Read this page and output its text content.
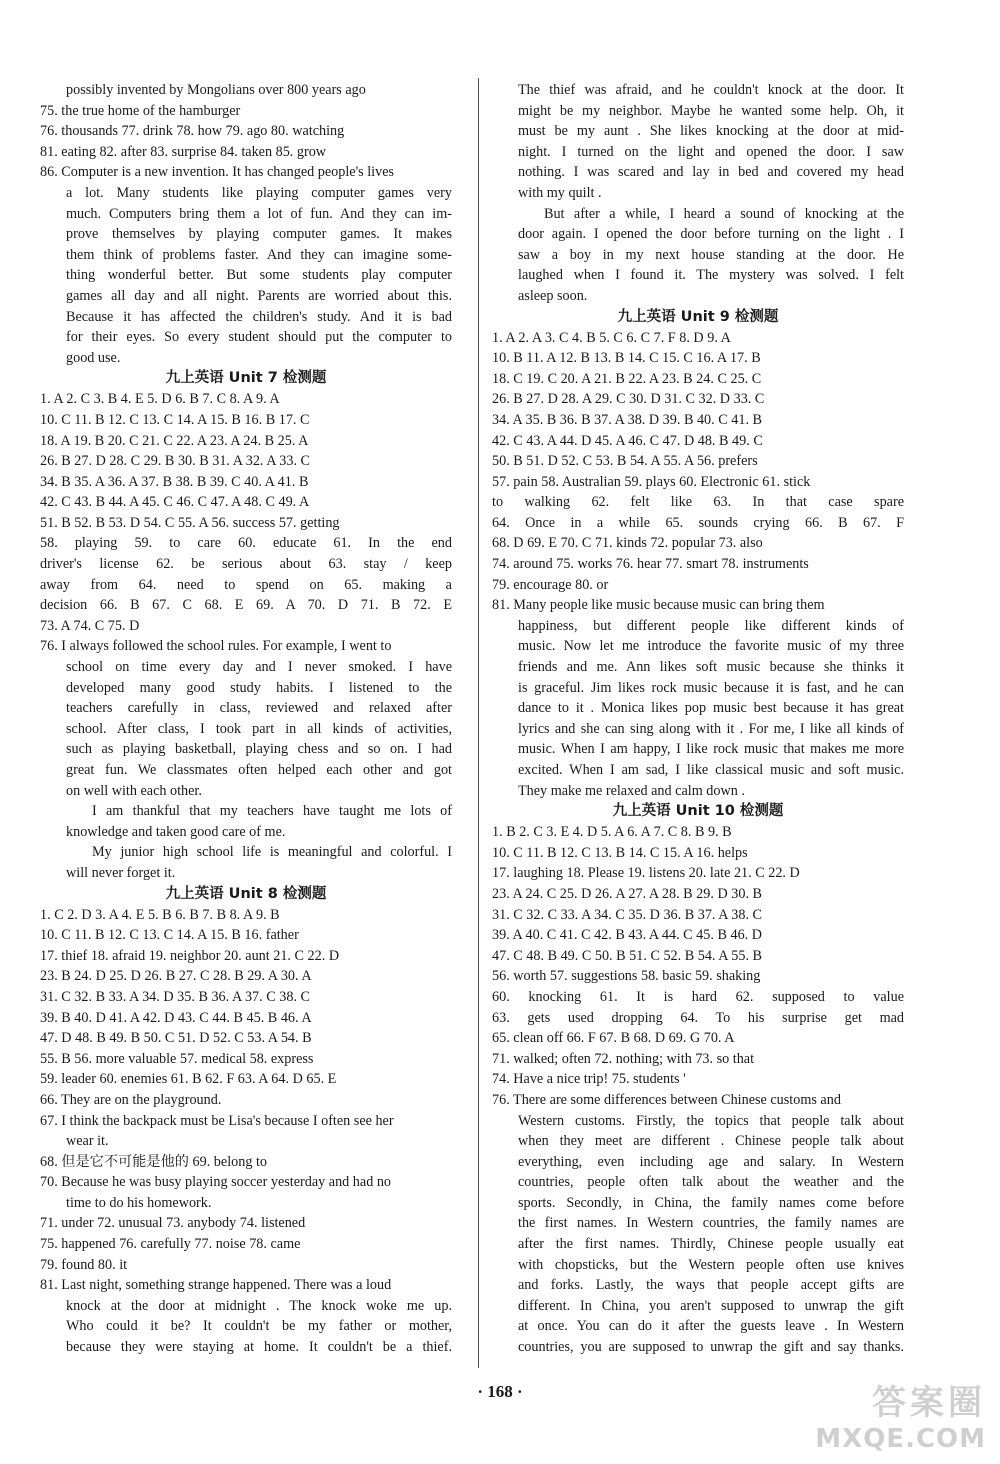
possibly invented by Mongolians over 800 years ago
75. the true home of the hamburger
76. thousands 77. drink 78. how 79. ago 80. watching
81. eating 82. after 83. surprise 84. taken 85. grow
86. Computer is a new invention. It has changed people's lives
a lot. Many students like playing computer games very
much. Computers bring them a lot of fun. And they can im-
prove themselves by playing computer games. It makes
them think of problems faster. And they can imagine some-
thing wonderful better. But some students play computer
games all day and all night. Parents are worried about this.
Because it has affected the children's study. And it is bad
for their eyes. So every student should put the computer to
good use.
九上英语 Unit 7 检测题
1. A 2. C 3. B 4. E 5. D 6. B 7. C 8. A 9. A
10. C 11. B 12. C 13. C 14. A 15. B 16. B 17. C
18. A 19. B 20. C 21. C 22. A 23. A 24. B 25. A
26. B 27. D 28. C 29. B 30. B 31. A 32. A 33. C
34. B 35. A 36. A 37. B 38. B 39. C 40. A 41. B
42. C 43. B 44. A 45. C 46. C 47. A 48. C 49. A
51. B 52. B 53. D 54. C 55. A 56. success 57. getting
58. playing 59. to care 60. educate 61. In the end
driver's license 62. be serious about 63. stay / keep
away from 64. need to spend on 65. making a
decision 66. B 67. C 68. E 69. A 70. D 71. B 72. E
73. A 74. C 75. D
76. I always followed the school rules. For example, I went to
school on time every day and I never smoked. I have
developed many good study habits. I listened to the
teachers carefully in class, reviewed and relaxed after
school. After class, I took part in all kinds of activities,
such as playing basketball, playing chess and so on. I had
great fun. We classmates often helped each other and got
on well with each other.
I am thankful that my teachers have taught me lots of
knowledge and taken good care of me.
My junior high school life is meaningful and colorful. I
will never forget it.
九上英语 Unit 8 检测题
1. C 2. D 3. A 4. E 5. B 6. B 7. B 8. A 9. B
10. C 11. B 12. C 13. C 14. A 15. B 16. father
17. thief 18. afraid 19. neighbor 20. aunt 21. C 22. D
23. B 24. D 25. D 26. B 27. C 28. B 29. A 30. A
31. C 32. B 33. A 34. D 35. B 36. A 37. C 38. C
39. B 40. D 41. A 42. D 43. C 44. B 45. B 46. A
47. D 48. B 49. B 50. C 51. D 52. C 53. A 54. B
55. B 56. more valuable 57. medical 58. express
59. leader 60. enemies 61. B 62. F 63. A 64. D 65. E
66. They are on the playground.
67. I think the backpack must be Lisa's because I often see her
wear it.
68. 但是它不可能是他的 69. belong to
70. Because he was busy playing soccer yesterday and had no
time to do his homework.
71. under 72. unusual 73. anybody 74. listened
75. happened 76. carefully 77. noise 78. came
79. found 80. it
81. Last night, something strange happened. There was a loud
knock at the door at midnight . The knock woke me up.
Who could it be? It couldn't be my father or mother,
because they were staying at home. It couldn't be a thief.
The thief was afraid, and he couldn't knock at the door. It
might be my neighbor. Maybe he wanted some help. Oh, it
must be my aunt . She likes knocking at the door at mid-
night. I turned on the light and opened the door. I saw
nothing. I was scared and lay in bed and covered my head
with my quilt .
But after a while, I heard a sound of knocking at the
door again. I opened the door before turning on the light . I
saw a boy in my next house standing at the door. He
laughed when I found it. The mystery was solved. I felt
asleep soon.
九上英语 Unit 9 检测题
1. A 2. A 3. C 4. B 5. C 6. C 7. F 8. D 9. A
10. B 11. A 12. B 13. B 14. C 15. C 16. A 17. B
18. C 19. C 20. A 21. B 22. A 23. B 24. C 25. C
26. B 27. D 28. A 29. C 30. D 31. C 32. D 33. C
34. A 35. B 36. B 37. A 38. D 39. B 40. C 41. B
42. C 43. A 44. D 45. A 46. C 47. D 48. B 49. C
50. B 51. D 52. C 53. B 54. A 55. A 56. prefers
57. pain 58. Australian 59. plays 60. Electronic 61. stick
to walking 62. felt like 63. In that case spare
64. Once in a while 65. sounds crying 66. B 67. F
68. D 69. E 70. C 71. kinds 72. popular 73. also
74. around 75. works 76. hear 77. smart 78. instruments
79. encourage 80. or
81. Many people like music because music can bring them
happiness, but different people like different kinds of
music. Now let me introduce the favorite music of my three
friends and me. Ann likes soft music because she thinks it
is graceful. Jim likes rock music because it is fast, and he can
dance to it . Monica likes pop music best because it has great
lyrics and she can sing along with it . For me, I like all kinds of
music. When I am happy, I like rock music that makes me more
excited. When I am sad, I like classical music and soft music.
They make me relaxed and calm down .
九上英语 Unit 10 检测题
1. B 2. C 3. E 4. D 5. A 6. A 7. C 8. B 9. B
10. C 11. B 12. C 13. B 14. C 15. A 16. helps
17. laughing 18. Please 19. listens 20. late 21. C 22. D
23. A 24. C 25. D 26. A 27. A 28. B 29. D 30. B
31. C 32. C 33. A 34. C 35. D 36. B 37. A 38. C
39. A 40. C 41. C 42. B 43. A 44. C 45. B 46. D
47. C 48. B 49. C 50. B 51. C 52. B 54. A 55. B
56. worth 57. suggestions 58. basic 59. shaking
60. knocking 61. It is hard 62. supposed to value
63. gets used dropping 64. To his surprise get mad
65. clean off 66. F 67. B 68. D 69. G 70. A
71. walked; often 72. nothing; with 73. so that
74. Have a nice trip! 75. students '
76. There are some differences between Chinese customs and
Western customs. Firstly, the topics that people talk about
when they meet are different . Chinese people talk about
everything, even including age and salary. In Western
countries, people often talk about the weather and the
sports. Secondly, in China, the family names come before
the first names. In Western countries, the family names are
after the first names. Thirdly, Chinese people usually eat
with chopsticks, but the Western people often use knives
and forks. Lastly, the ways that people accept gifts are
different. In China, you aren't supposed to unwrap the gift
at once. You can do it after the guests leave . In Western
countries, you are supposed to unwrap the gift and say thanks.
· 168 ·	答案圈
MXQE.COM
